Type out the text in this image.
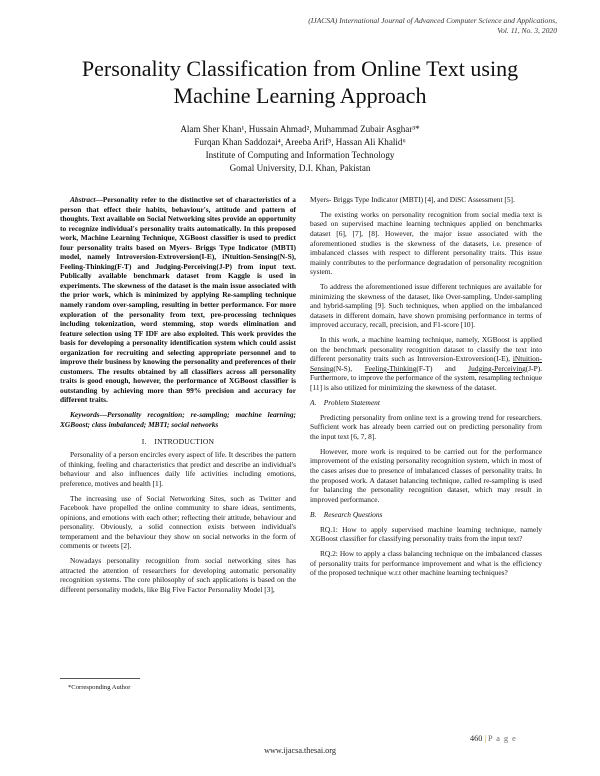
(IJACSA) International Journal of Advanced Computer Science and Applications,
Vol. 11, No. 3, 2020
Personality Classification from Online Text using
Machine Learning Approach
Alam Sher Khan¹, Hussain Ahmad², Muhammad Zubair Asghar³*
Furqan Khan Saddozai⁴, Areeba Arif⁵, Hassan Ali Khalid⁶
Institute of Computing and Information Technology
Gomal University, D.I. Khan, Pakistan

Abstract—Personality refer to the distinctive set of characteristics of a person that effect their habits, behaviour's, attitude and pattern of thoughts. Text available on Social Networking sites provide an opportunity to recognize individual's personality traits automatically. In this proposed work, Machine Learning Technique, XGBoost classifier is used to predict four personality traits based on Myers- Briggs Type Indicator (MBTI) model, namely Introversion-Extroversion(I-E), iNtuition-Sensing(N-S), Feeling-Thinking(F-T) and Judging-Perceiving(J-P) from input text. Publically available benchmark dataset from Kaggle is used in experiments. The skewness of the dataset is the main issue associated with the prior work, which is minimized by applying Re-sampling technique namely random over-sampling, resulting in better performance. For more exploration of the personality from text, pre-processing techniques including tokenization, word stemming, stop words elimination and feature selection using TF IDF are also exploited. This work provides the basis for developing a personality identification system which could assist organization for recruiting and selecting appropriate personnel and to improve their business by knowing the personality and preferences of their customers. The results obtained by all classifiers across all personality traits is good enough, however, the performance of XGBoost classifier is outstanding by achieving more than 99% precision and accuracy for different traits.

Keywords—Personality recognition; re-sampling; machine learning; XGBoost; class imbalanced; MBTI; social networks

I. INTRODUCTION

Personality of a person encircles every aspect of life. It describes the pattern of thinking, feeling and characteristics that predict and describe an individual's behaviour and also influences daily life activities including emotions, preference, motives and health [1].

The increasing use of Social Networking Sites, such as Twitter and Facebook have propelled the online community to share ideas, sentiments, opinions, and emotions with each other; reflecting their attitude, behaviour and personality. Obviously, a solid connection exists between individual's temperament and the behaviour they show on social networks in the form of comments or tweets [2].

Nowadays personality recognition from social networking sites has attracted the attention of researchers for developing automatic personality recognition systems. The core philosophy of such applications is based on the different personality models, like Big Five Factor Personality Model [3],

Myers- Briggs Type Indicator (MBTI) [4], and DiSC Assessment [5].

The existing works on personality recognition from social media text is based on supervised machine learning techniques applied on benchmarks dataset [6], [7], [8]. However, the major issue associated with the aforementioned studies is the skewness of the datasets, i.e. presence of imbalanced classes with respect to different personality traits. This issue mainly contributes to the performance degradation of personality recognition system.

To address the aforementioned issue different techniques are available for minimizing the skewness of the dataset, like Over-sampling, Under-sampling and hybrid-sampling [9]. Such techniques, when applied on the imbalanced datasets in different domain, have shown promising performance in terms of improved accuracy, recall, precision, and F1-score [10].

In this work, a machine learning technique, namely, XGBoost is applied on the benchmark personality recognition dataset to classify the text into different personality traits such as Introversion-Extroversion(I-E), iNtuition-Sensing(N-S), Feeling-Thinking(F-T) and Judging-Perceiving(J-P). Furthermore, to improve the performance of the system, resampling technique [11] is also utilized for minimizing the skewness of the dataset.

A. Problem Statement

Predicting personality from online text is a growing trend for researchers. Sufficient work has already been carried out on predicting personality from the input text [6, 7, 8].

However, more work is required to be carried out for the performance improvement of the existing personality recognition system, which in most of the cases arises due to presence of imbalanced classes of personality traits. In the proposed work. A dataset balancing technique, called re-sampling is used for balancing the personality recognition dataset, which may result in improved performance.

B. Research Questions

RQ.1: How to apply supervised machine learning technique, namely XGBoost classifier for classifying personality traits from the input text?

RQ.2: How to apply a class balancing technique on the imbalanced classes of personality traits for performance improvement and what is the efficiency of the proposed technique w.r.t other machine learning techniques?

*Corresponding Author
460 | P a g e
www.ijacsa.thesai.org
